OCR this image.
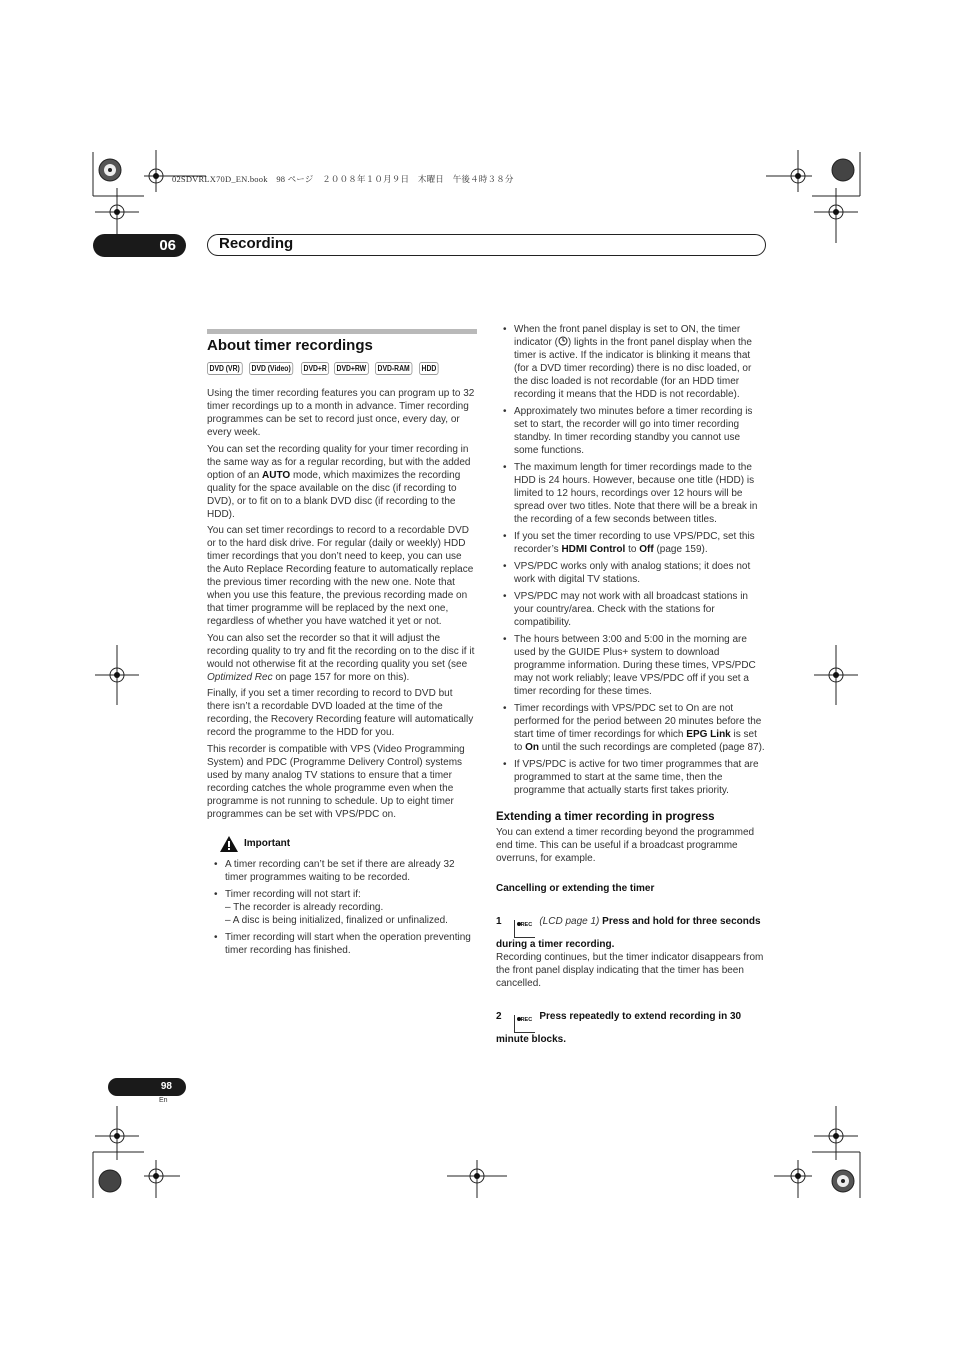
02SDVRLX70D_EN.book　98 ページ　２００８年１０月９日　木曜日　午後４時３８分
06	Recording
About timer recordings
DVD (VR)	DVD (Video)	DVD+R	DVD+RW	DVD-RAM	HDD

Using the timer recording features you can program up to 32 timer recordings up to a month in advance. Timer recording programmes can be set to record just once, every day, or every week.

You can set the recording quality for your timer recording in the same way as for a regular recording, but with the added option of an AUTO mode, which maximizes the recording quality for the space available on the disc (if recording to DVD), or to fit on to a blank DVD disc (if recording to the HDD).

You can set timer recordings to record to a recordable DVD or to the hard disk drive. For regular (daily or weekly) HDD timer recordings that you don’t need to keep, you can use the Auto Replace Recording feature to automatically replace the previous timer recording with the new one. Note that when you use this feature, the previous recording made on that timer programme will be replaced by the next one, regardless of whether you have watched it yet or not.

You can also set the recorder so that it will adjust the recording quality to try and fit the recording on to the disc if it would not otherwise fit at the recording quality you set (see Optimized Rec on page 157 for more on this).

Finally, if you set a timer recording to record to DVD but there isn’t a recordable DVD loaded at the time of the recording, the Recovery Recording feature will automatically record the programme to the HDD for you.

This recorder is compatible with VPS (Video Programming System) and PDC (Programme Delivery Control) systems used by many analog TV stations to ensure that a timer recording catches the whole programme even when the programme is not running to schedule. Up to eight timer programmes can be set with VPS/PDC on.

Important
• A timer recording can’t be set if there are already 32 timer programmes waiting to be recorded.
• Timer recording will not start if:
– The recorder is already recording.
– A disc is being initialized, finalized or unfinalized.
• Timer recording will start when the operation preventing timer recording has finished.
• When the front panel display is set to ON, the timer indicator ( ) lights in the front panel display when the timer is active. If the indicator is blinking it means that (for a DVD timer recording) there is no disc loaded, or the disc loaded is not recordable (for an HDD timer recording it means that the HDD is not recordable).
• Approximately two minutes before a timer recording is set to start, the recorder will go into timer recording standby. In timer recording standby you cannot use some functions.
• The maximum length for timer recordings made to the HDD is 24 hours. However, because one title (HDD) is limited to 12 hours, recordings over 12 hours will be spread over two titles. Note that there will be a break in the recording of a few seconds between titles.
• If you set the timer recording to use VPS/PDC, set this recorder’s HDMI Control to Off (page 159).
• VPS/PDC works only with analog stations; it does not work with digital TV stations.
• VPS/PDC may not work with all broadcast stations in your country/area. Check with the stations for compatibility.
• The hours between 3:00 and 5:00 in the morning are used by the GUIDE Plus+ system to download programme information. During these times, VPS/PDC may not work reliably; leave VPS/PDC off if you set a timer recording for these times.
• Timer recordings with VPS/PDC set to On are not performed for the period between 20 minutes before the start time of timer recordings for which EPG Link is set to On until the such recordings are completed (page 87).
• If VPS/PDC is active for two timer programmes that are programmed to start at the same time, then the programme that actually starts first takes priority.
Extending a timer recording in progress

You can extend a timer recording beyond the programmed end time. This can be useful if a broadcast programme overruns, for example.

Cancelling or extending the timer
1	REC (LCD page 1) Press and hold for three seconds
during a timer recording.
Recording continues, but the timer indicator disappears from the front panel display indicating that the timer has been cancelled.
2	REC Press repeatedly to extend recording in 30 minute blocks.
98
En
